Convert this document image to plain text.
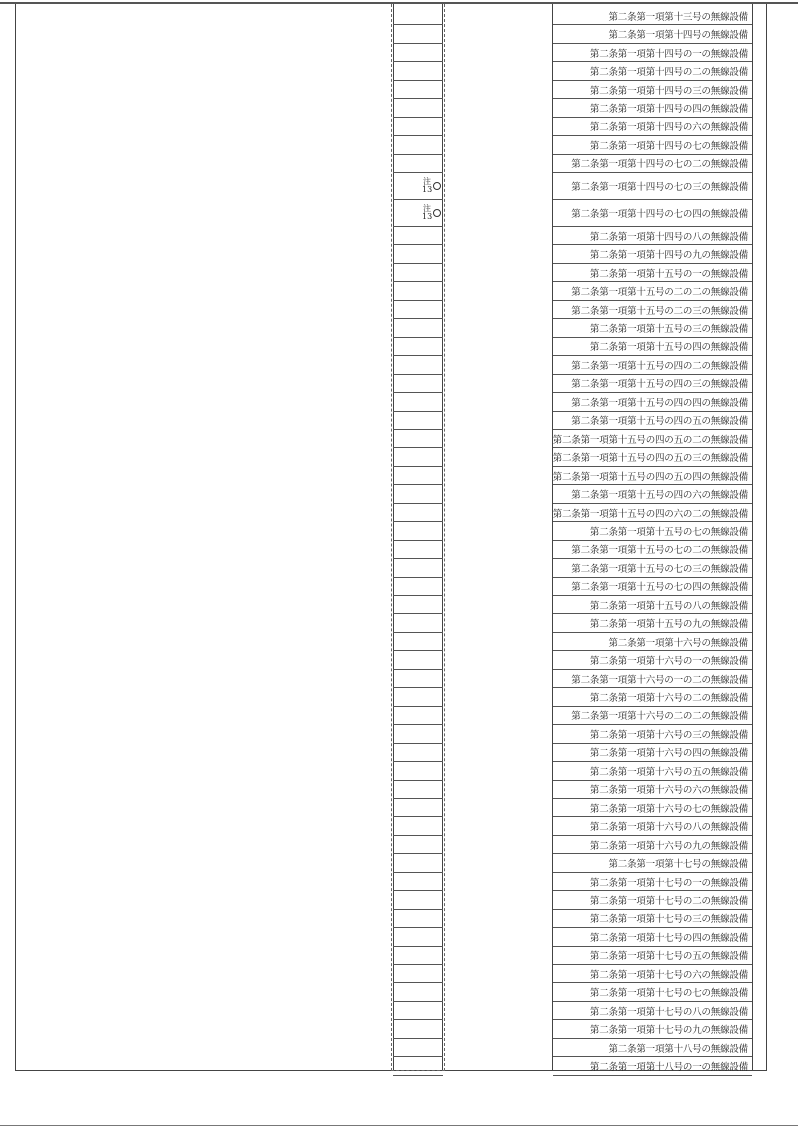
第二条第一項第十三号の無線設備
第二条第一項第十四号の無線設備
第二条第一項第十四号の一の無線設備
第二条第一項第十四号の二の無線設備
第二条第一項第十四号の三の無線設備
第二条第一項第十四号の四の無線設備
第二条第一項第十四号の六の無線設備
第二条第一項第十四号の七の無線設備
第二条第一項第十四号の七の二の無線設備
注
13	第二条第一項第十四号の七の三の無線設備
注
13	第二条第一項第十四号の七の四の無線設備
第二条第一項第十四号の八の無線設備
第二条第一項第十四号の九の無線設備
第二条第一項第十五号の一の無線設備
第二条第一項第十五号の二の二の無線設備
第二条第一項第十五号の二の三の無線設備
第二条第一項第十五号の三の無線設備
第二条第一項第十五号の四の無線設備
第二条第一項第十五号の四の二の無線設備
第二条第一項第十五号の四の三の無線設備
第二条第一項第十五号の四の四の無線設備
第二条第一項第十五号の四の五の無線設備
第二条第一項第十五号の四の五の二の無線設備
第二条第一項第十五号の四の五の三の無線設備
第二条第一項第十五号の四の五の四の無線設備
第二条第一項第十五号の四の六の無線設備
第二条第一項第十五号の四の六の二の無線設備
第二条第一項第十五号の七の無線設備
第二条第一項第十五号の七の二の無線設備
第二条第一項第十五号の七の三の無線設備
第二条第一項第十五号の七の四の無線設備
第二条第一項第十五号の八の無線設備
第二条第一項第十五号の九の無線設備
第二条第一項第十六号の無線設備
第二条第一項第十六号の一の無線設備
第二条第一項第十六号の一の二の無線設備
第二条第一項第十六号の二の無線設備
第二条第一項第十六号の二の二の無線設備
第二条第一項第十六号の三の無線設備
第二条第一項第十六号の四の無線設備
第二条第一項第十六号の五の無線設備
第二条第一項第十六号の六の無線設備
第二条第一項第十六号の七の無線設備
第二条第一項第十六号の八の無線設備
第二条第一項第十六号の九の無線設備
第二条第一項第十七号の無線設備
第二条第一項第十七号の一の無線設備
第二条第一項第十七号の二の無線設備
第二条第一項第十七号の三の無線設備
第二条第一項第十七号の四の無線設備
第二条第一項第十七号の五の無線設備
第二条第一項第十七号の六の無線設備
第二条第一項第十七号の七の無線設備
第二条第一項第十七号の八の無線設備
第二条第一項第十七号の九の無線設備
第二条第一項第十八号の無線設備
第二条第一項第十八号の一の無線設備
